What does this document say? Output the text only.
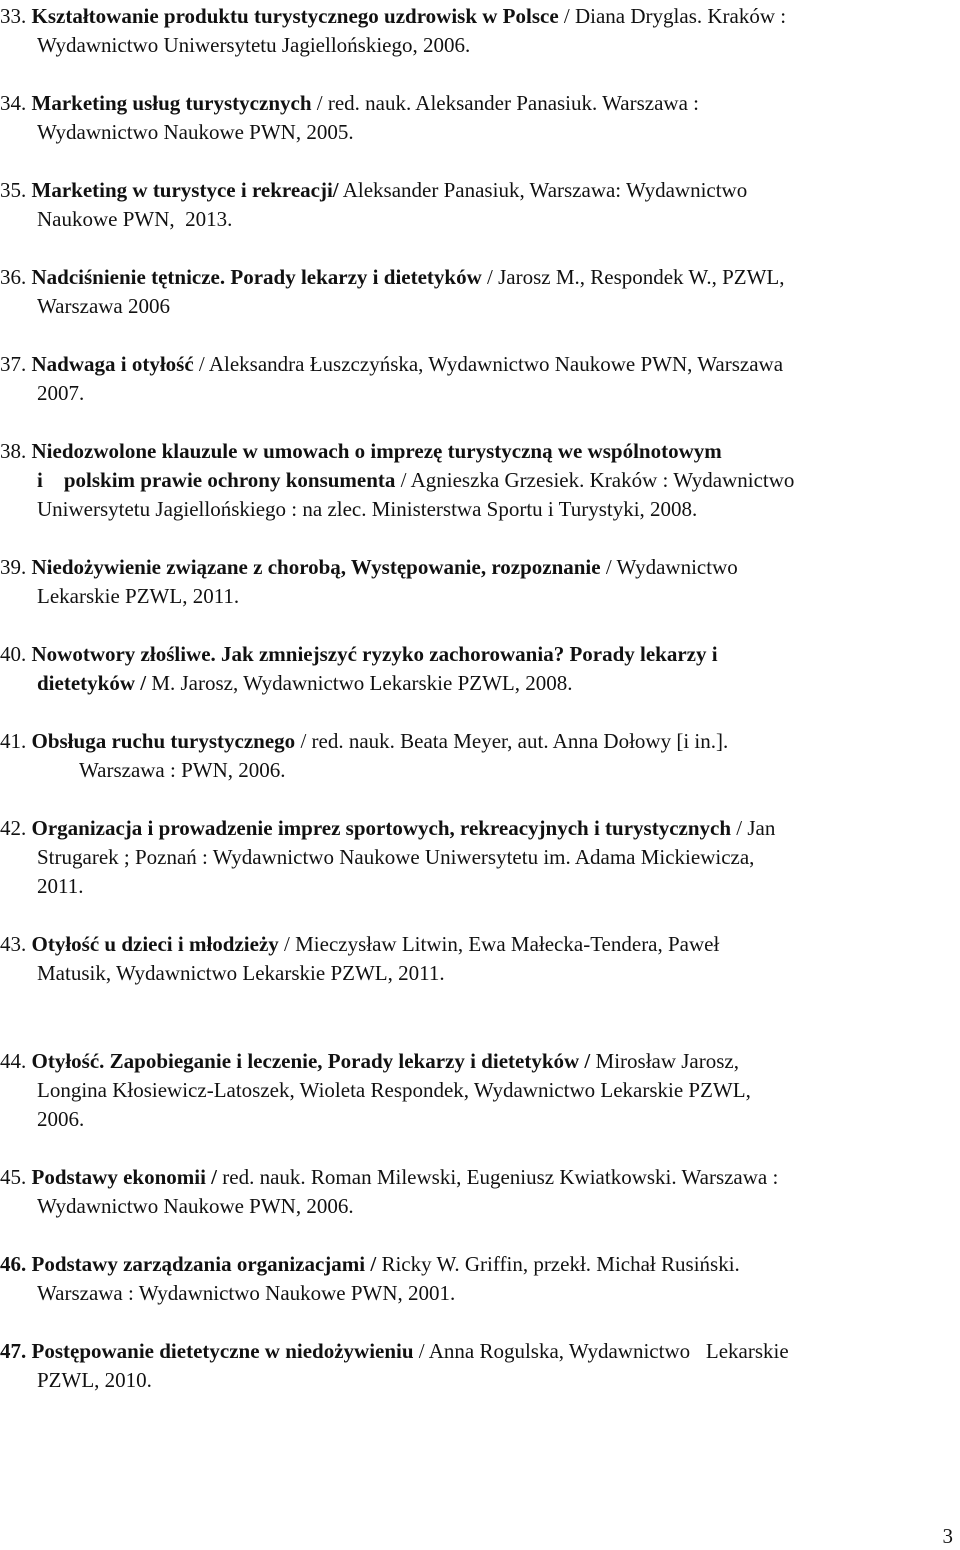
33. Kształtowanie produktu turystycznego uzdrowisk w Polsce / Diana Dryglas. Kraków :
Wydawnictwo Uniwersytetu Jagiellońskiego, 2006.
34. Marketing usług turystycznych / red. nauk. Aleksander Panasiuk. Warszawa :
Wydawnictwo Naukowe PWN, 2005.
35. Marketing w turystyce i rekreacji/ Aleksander Panasiuk, Warszawa: Wydawnictwo
Naukowe PWN,  2013.
36. Nadciśnienie tętnicze. Porady lekarzy i dietetyków / Jarosz M., Respondek W., PZWL,
Warszawa 2006
37. Nadwaga i otyłość / Aleksandra Łuszczyńska, Wydawnictwo Naukowe PWN, Warszawa
2007.
38. Niedozwolone klauzule w umowach o imprezę turystyczną we wspólnotowym
i    polskim prawie ochrony konsumenta / Agnieszka Grzesiek. Kraków : Wydawnictwo
Uniwersytetu Jagiellońskiego : na zlec. Ministerstwa Sportu i Turystyki, 2008.
39. Niedożywienie związane z chorobą, Występowanie, rozpoznanie / Wydawnictwo
Lekarskie PZWL, 2011.
40. Nowotwory złośliwe. Jak zmniejszyć ryzyko zachorowania? Porady lekarzy i
dietetyków / M. Jarosz, Wydawnictwo Lekarskie PZWL, 2008.
41. Obsługa ruchu turystycznego / red. nauk. Beata Meyer, aut. Anna Dołowy [i in.].
Warszawa : PWN, 2006.
42. Organizacja i prowadzenie imprez sportowych, rekreacyjnych i turystycznych / Jan
Strugarek ; Poznań : Wydawnictwo Naukowe Uniwersytetu im. Adama Mickiewicza,
2011.
43. Otyłość u dzieci i młodzieży / Mieczysław Litwin, Ewa Małecka-Tendera, Paweł
Matusik, Wydawnictwo Lekarskie PZWL, 2011.
44. Otyłość. Zapobieganie i leczenie, Porady lekarzy i dietetyków / Mirosław Jarosz,
Longina Kłosiewicz-Latoszek, Wioleta Respondek, Wydawnictwo Lekarskie PZWL,
2006.
45. Podstawy ekonomii / red. nauk. Roman Milewski, Eugeniusz Kwiatkowski. Warszawa :
Wydawnictwo Naukowe PWN, 2006.
46. Podstawy zarządzania organizacjami / Ricky W. Griffin, przekł. Michał Rusiński.
Warszawa : Wydawnictwo Naukowe PWN, 2001.
47. Postępowanie dietetyczne w niedożywieniu / Anna Rogulska, Wydawnictwo   Lekarskie
PZWL, 2010.
3
